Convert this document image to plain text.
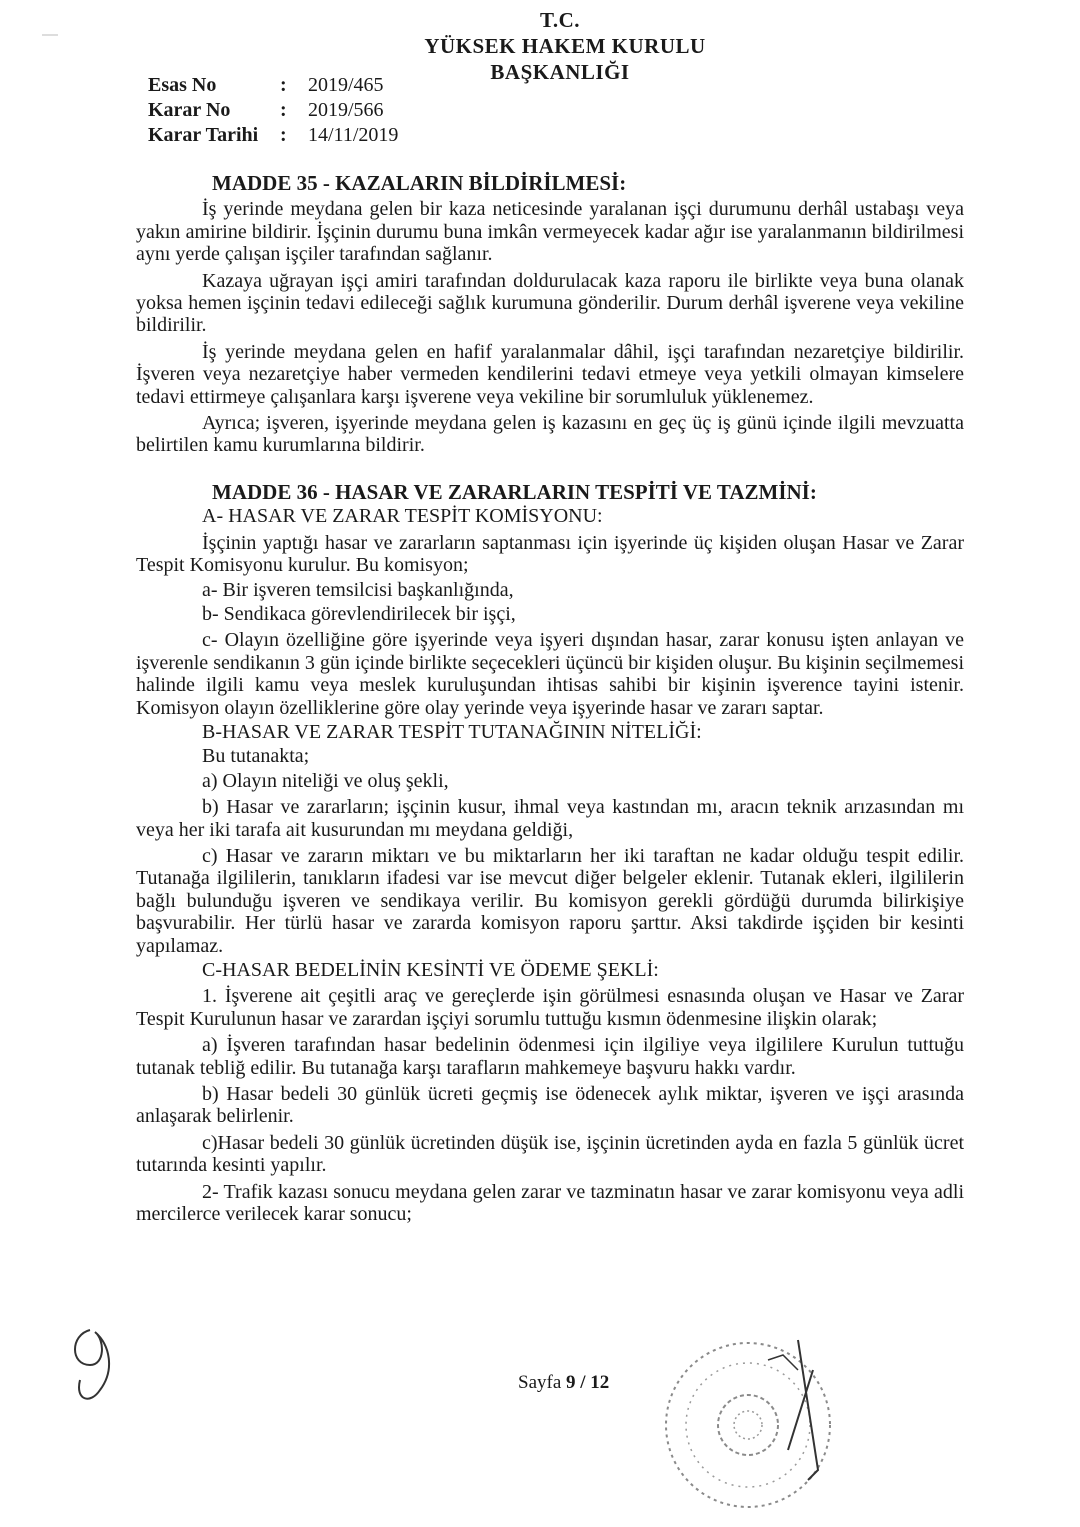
T.C.
YÜKSEK HAKEM KURULU
BAŞKANLIĞI
Esas No	:	2019/465
Karar No	:	2019/566
Karar Tarihi	:	14/11/2019

MADDE 35 - KAZALARIN BİLDİRİLMESİ:

İş yerinde meydana gelen bir kaza neticesinde yaralanan işçi durumunu derhâl ustabaşı veya yakın amirine bildirir. İşçinin durumu buna imkân vermeyecek kadar ağır ise yaralanmanın bildirilmesi aynı yerde çalışan işçiler tarafından sağlanır.

Kazaya uğrayan işçi amiri tarafından doldurulacak kaza raporu ile birlikte veya buna olanak yoksa hemen işçinin tedavi edileceği sağlık kurumuna gönderilir. Durum derhâl işverene veya vekiline bildirilir.

İş yerinde meydana gelen en hafif yaralanmalar dâhil, işçi tarafından nezaretçiye bildirilir. İşveren veya nezaretçiye haber vermeden kendilerini tedavi etmeye veya yetkili olmayan kimselere tedavi ettirmeye çalışanlara karşı işverene veya vekiline bir sorumluluk yüklenemez.

Ayrıca; işveren, işyerinde meydana gelen iş kazasını en geç üç iş günü içinde ilgili mevzuatta belirtilen kamu kurumlarına bildirir.

MADDE 36 - HASAR VE ZARARLARIN TESPİTİ VE TAZMİNİ:

A- HASAR VE ZARAR TESPİT KOMİSYONU:

İşçinin yaptığı hasar ve zararların saptanması için işyerinde üç kişiden oluşan Hasar ve Zarar Tespit Komisyonu kurulur. Bu komisyon;

a- Bir işveren temsilcisi başkanlığında,

b- Sendikaca görevlendirilecek bir işçi,

c- Olayın özelliğine göre işyerinde veya işyeri dışından hasar, zarar konusu işten anlayan ve işverenle sendikanın 3 gün içinde birlikte seçecekleri üçüncü bir kişiden oluşur. Bu kişinin seçilmemesi halinde ilgili kamu veya meslek kuruluşundan ihtisas sahibi bir kişinin işverence tayini istenir. Komisyon olayın özelliklerine göre olay yerinde veya işyerinde hasar ve zararı saptar.

B-HASAR VE ZARAR TESPİT TUTANAĞININ NİTELİĞİ:

Bu tutanakta;

a) Olayın niteliği ve oluş şekli,

b) Hasar ve zararların; işçinin kusur, ihmal veya kastından mı, aracın teknik arızasından mı veya her iki tarafa ait kusurundan mı meydana geldiği,

c) Hasar ve zararın miktarı ve bu miktarların her iki taraftan ne kadar olduğu tespit edilir. Tutanağa ilgililerin, tanıkların ifadesi var ise mevcut diğer belgeler eklenir. Tutanak ekleri, ilgililerin bağlı bulunduğu işveren ve sendikaya verilir. Bu komisyon gerekli gördüğü durumda bilirkişiye başvurabilir. Her türlü hasar ve zararda komisyon raporu şarttır. Aksi takdirde işçiden bir kesinti yapılamaz.

C-HASAR BEDELİNİN KESİNTİ VE ÖDEME ŞEKLİ:

1. İşverene ait çeşitli araç ve gereçlerde işin görülmesi esnasında oluşan ve Hasar ve Zarar Tespit Kurulunun hasar ve zarardan işçiyi sorumlu tuttuğu kısmın ödenmesine ilişkin olarak;

a) İşveren tarafından hasar bedelinin ödenmesi için ilgiliye veya ilgililere Kurulun tuttuğu tutanak tebliğ edilir. Bu tutanağa karşı tarafların mahkemeye başvuru hakkı vardır.

b) Hasar bedeli 30 günlük ücreti geçmiş ise ödenecek aylık miktar, işveren ve işçi arasında anlaşarak belirlenir.

c)Hasar bedeli 30 günlük ücretinden düşük ise, işçinin ücretinden ayda en fazla 5 günlük ücret tutarında kesinti yapılır.

2- Trafik kazası sonucu meydana gelen zarar ve tazminatın hasar ve zarar komisyonu veya adli mercilerce verilecek karar sonucu;

Sayfa 9 / 12
